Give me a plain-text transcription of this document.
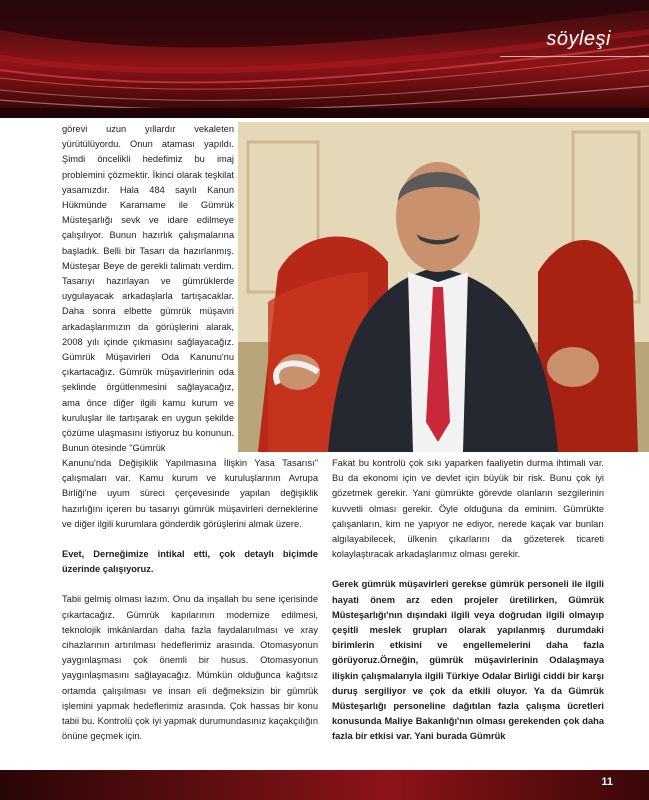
söyleşi

görevi uzun yıllardır vekaleten yürütülüyordu. Onun ataması yapıldı. Şimdi öncelikli hedefimiz bu imaj problemini çözmektir. İkinci olarak teşkilat yasamızdır. Hala 484 sayılı Kanun Hükmünde Kararname ile Gümrük Müsteşarlığı sevk ve idare edilmeye çalışılıyor. Bunun hazırlık çalışmalarına başladık. Belli bir Tasarı da hazırlanmış. Müsteşar Beye de gerekli talimatı verdim. Tasarıyı hazırlayan ve gümrüklerde uygulayacak arkadaşlarla tartışacaklar. Daha sonra elbette gümrük müşaviri arkadaşlarımızın da görüşlerini alarak, 2008 yılı içinde çıkmasını sağlayacağız. Gümrük Müşavirleri Oda Kanunu'nu çıkartacağız. Gümrük müşavirlerinin oda şeklinde örgütlenmesini sağlayacağız, ama önce diğer ilgili kamu kurum ve kuruluşlar ile tartışarak en uygun şekilde çözüme ulaşmasını istiyoruz bu konunun. Bunun ötesinde "Gümrük

Kanunu'nda Değişiklik Yapılmasına İlişkin Yasa Tasarısı" çalışmaları var. Kamu kurum ve kuruluşlarının Avrupa Birliği'ne uyum süreci çerçevesinde yapılan değişiklik hazırlığını içeren bu tasarıyı gümrük müşavirleri derneklerine ve diğer ilgili kurumlara gönderdik görüşlerini almak üzere.

Evet, Derneğimize intikal etti, çok detaylı biçimde üzerinde çalışıyoruz.

Tabii gelmiş olması lazım. Onu da inşallah bu sene içerisinde çıkartacağız. Gümrük kapılarının modernize edilmesi, teknolojik imkânlardan daha fazla faydalanılması ve xray cihazlarının artırılması hedeflerimiz arasında. Otomasyonun yaygınlaşması çok önemli bir husus. Otomasyonun yaygınlaşmasını sağlayacağız. Mümkün olduğunca kağıtsız ortamda çalışılması ve insan eli değmeksizin bir gümrük işlemini yapmak hedeflerimiz arasında. Çok hassas bir konu tabii bu. Kontrolü çok iyi yapmak durumundasınız kaçakçılığın önüne geçmek için.

Fakat bu kontrolü çok sıkı yaparken faaliyetin durma ihtimali var. Bu da ekonomi için ve devlet için büyük bir risk. Bunu çok iyi gözetmek gerekir. Yani gümrükte görevde olanların sezgilerinin kuvvetli olması gerekir. Öyle olduğuna da eminim. Gümrükte çalışanların, kim ne yapıyor ne ediyor, nerede kaçak var bunları algılayabilecek, ülkenin çıkarlarını da gözeterek ticareti kolaylaştıracak arkadaşlarımız olması gerekir.

Gerek gümrük müşavirleri gerekse gümrük personeli ile ilgili hayati önem arz eden projeler üretilirken, Gümrük Müsteşarlığı'nın dışındaki ilgili veya doğrudan ilgili olmayıp çeşitli meslek grupları olarak yapılanmış durumdaki birimlerin etkisini ve engellemelerini daha fazla görüyoruz.Örneğin, gümrük müşavirlerinin Odalaşmaya ilişkin çalışmalarıyla ilgili Türkiye Odalar Birliği ciddi bir karşı duruş sergiliyor ve çok da etkili oluyor. Ya da Gümrük Müsteşarlığı personeline dağıtılan fazla çalışma ücretleri konusunda Maliye Bakanlığı'nın olması gerekenden çok daha fazla bir etkisi var. Yani burada Gümrük

11
